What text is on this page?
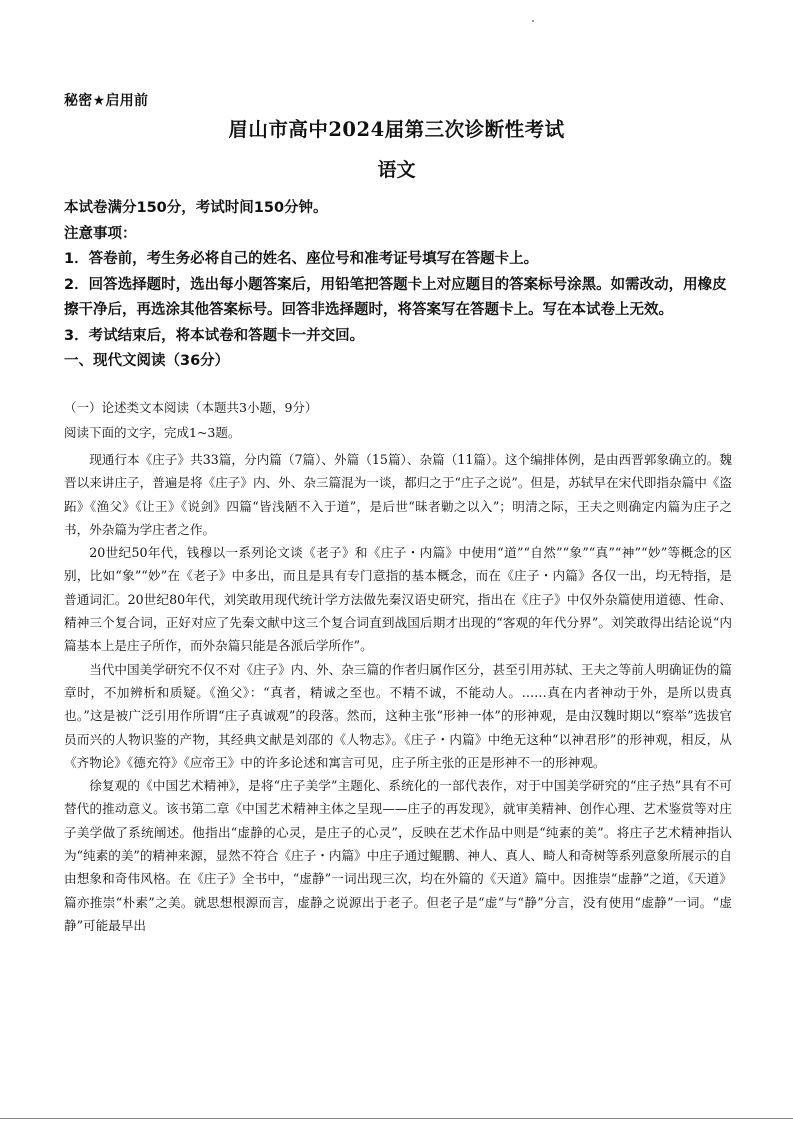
秘密★启用前
眉山市高中2024届第三次诊断性考试
语文

本试卷满分150分，考试时间150分钟。

注意事项：

1．答卷前，考生务必将自己的姓名、座位号和准考证号填写在答题卡上。

2．回答选择题时，选出每小题答案后，用铅笔把答题卡上对应题目的答案标号涂黑。如需改动，用橡皮擦干净后，再选涂其他答案标号。回答非选择题时，将答案写在答题卡上。写在本试卷上无效。

3．考试结束后，将本试卷和答题卡一并交回。

一、现代文阅读（36分）

（一）论述类文本阅读（本题共3小题，9分）
阅读下面的文字，完成1~3题。

现通行本《庄子》共33篇，分内篇（7篇）、外篇（15篇）、杂篇（11篇）。这个编排体例，是由西晋郭象确立的。魏晋以来讲庄子，普遍是将《庄子》内、外、杂三篇混为一谈，都归之于“庄子之说”。但是，苏轼早在宋代即指杂篇中《盗跖》《渔父》《让王》《说剑》四篇“皆浅陋不入于道”，是后世“昧者勦之以入”；明清之际，王夫之则确定内篇为庄子之书，外杂篇为学庄者之作。

20世纪50年代，钱穆以一系列论文谈《老子》和《庄子・内篇》中使用“道”“自然”“象”“真”“神”“妙”等概念的区别，比如“象”“妙”在《老子》中多出，而且是具有专门意指的基本概念，而在《庄子・内篇》各仅一出，均无特指，是普通词汇。20世纪80年代，刘笑敢用现代统计学方法做先秦汉语史研究，指出在《庄子》中仅外杂篇使用道德、性命、精神三个复合词，正好对应了先秦文献中这三个复合词直到战国后期才出现的“客观的年代分界”。刘笑敢得出结论说“内篇基本上是庄子所作，而外杂篇只能是各派后学所作”。

当代中国美学研究不仅不对《庄子》内、外、杂三篇的作者归属作区分，甚至引用苏轼、王夫之等前人明确证伪的篇章时，不加辨析和质疑。《渔父》：“真者，精诚之至也。不精不诚，不能动人。……真在内者神动于外，是所以贵真也。”这是被广泛引用作所谓“庄子真诚观”的段落。然而，这种主张“形神一体”的形神观，是由汉魏时期以“察举”选拔官员而兴的人物识鉴的产物，其经典文献是刘邵的《人物志》。《庄子・内篇》中绝无这种“以神君形”的形神观，相反，从《齐物论》《德充符》《应帝王》中的许多论述和寓言可见，庄子所主张的正是形神不一的形神观。

徐复观的《中国艺术精神》，是将“庄子美学”主题化、系统化的一部代表作，对于中国美学研究的“庄子热”具有不可替代的推动意义。该书第二章《中国艺术精神主体之呈现——庄子的再发现》，就审美精神、创作心理、艺术鉴赏等对庄子美学做了系统阐述。他指出“虚静的心灵，是庄子的心灵”，反映在艺术作品中则是“纯素的美”。将庄子艺术精神指认为“纯素的美”的精神来源，显然不符合《庄子・内篇》中庄子通过鲲鹏、神人、真人、畸人和奇树等系列意象所展示的自由想象和奇伟风格。在《庄子》全书中，“虚静”一词出现三次，均在外篇的《天道》篇中。因推崇“虚静”之道，《天道》篇亦推崇“朴素”之美。就思想根源而言，虚静之说源出于老子。但老子是“虚”与“静”分言，没有使用“虚静”一词。“虚静”可能最早出
